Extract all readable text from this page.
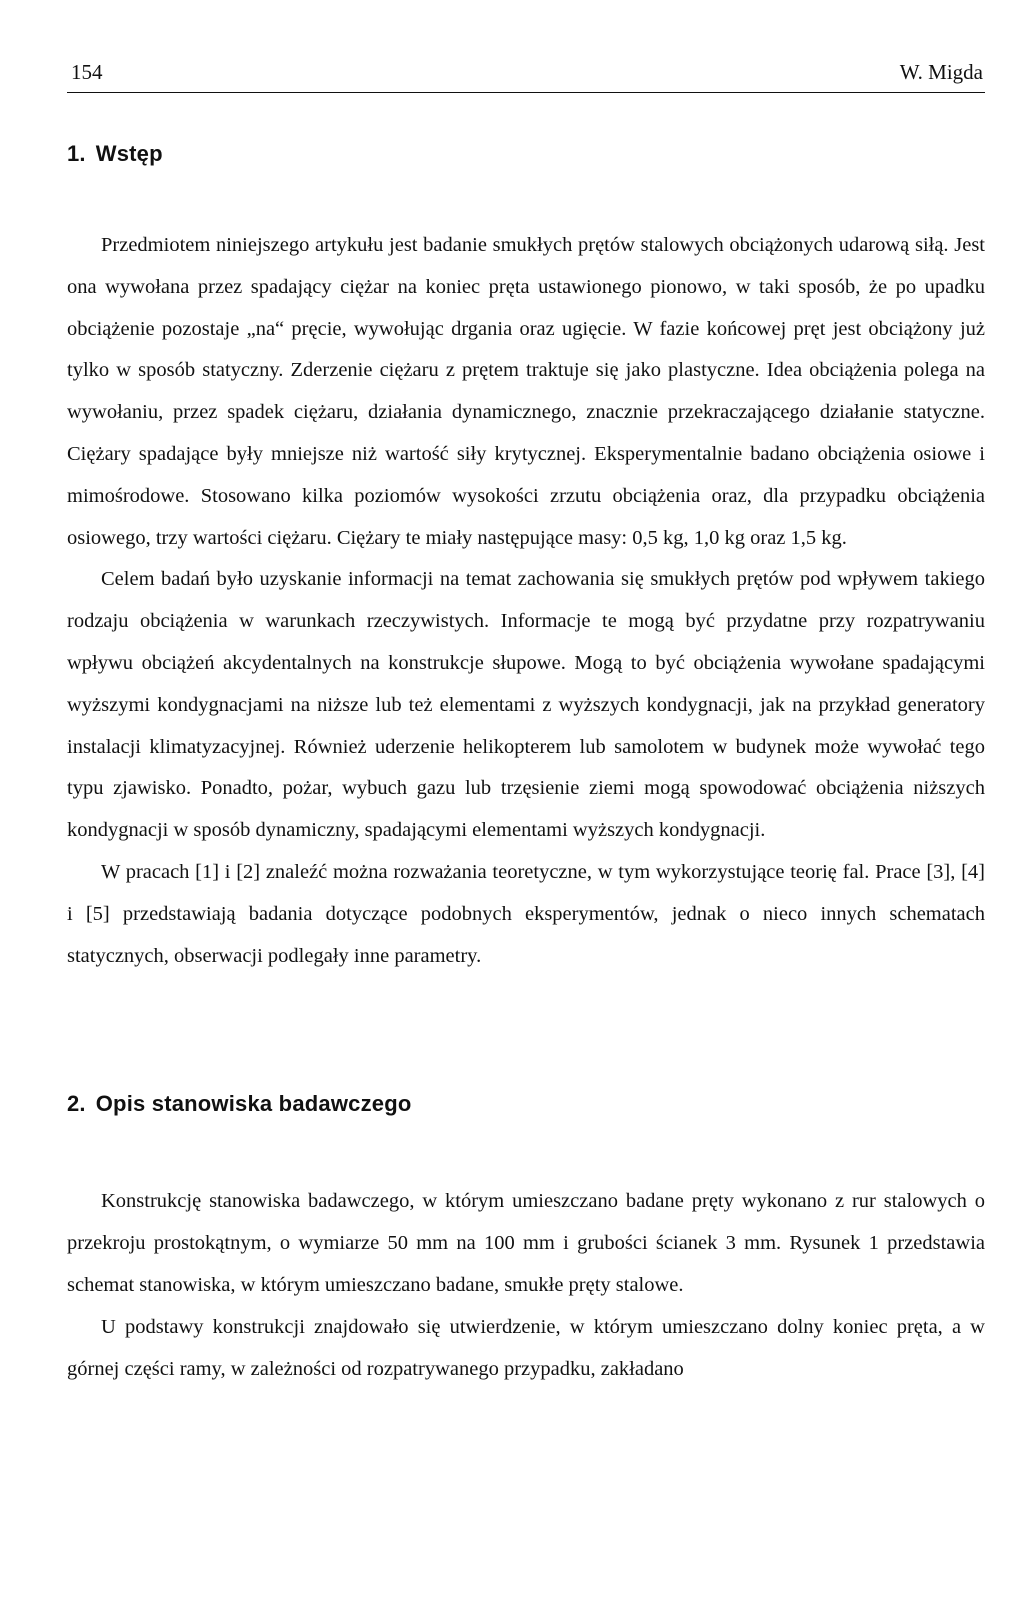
154	W. Migda
1. Wstęp

Przedmiotem niniejszego artykułu jest badanie smukłych prętów stalowych obciążonych udarową siłą. Jest ona wywołana przez spadający ciężar na koniec pręta ustawionego pionowo, w taki sposób, że po upadku obciążenie pozostaje „na“ pręcie, wywołując drgania oraz ugięcie. W fazie końcowej pręt jest obciążony już tylko w sposób statyczny. Zderzenie ciężaru z prętem traktuje się jako plastyczne. Idea obciążenia polega na wywołaniu, przez spadek ciężaru, działania dynamicznego, znacznie przekraczającego działanie statyczne. Ciężary spadające były mniejsze niż wartość siły krytycznej. Eksperymentalnie badano obciążenia osiowe i mimośrodowe. Stosowano kilka poziomów wysokości zrzutu obciążenia oraz, dla przypadku obciążenia osiowego, trzy wartości ciężaru. Ciężary te miały następujące masy: 0,5 kg, 1,0 kg oraz 1,5 kg.

Celem badań było uzyskanie informacji na temat zachowania się smukłych prętów pod wpływem takiego rodzaju obciążenia w warunkach rzeczywistych. Informacje te mogą być przydatne przy rozpatrywaniu wpływu obciążeń akcydentalnych na konstrukcje słupowe. Mogą to być obciążenia wywołane spadającymi wyższymi kondygnacjami na niższe lub też elementami z wyższych kondygnacji, jak na przykład generatory instalacji klimatyzacyjnej. Również uderzenie helikopterem lub samolotem w budynek może wywołać tego typu zjawisko. Ponadto, pożar, wybuch gazu lub trzęsienie ziemi mogą spowodować obciążenia niższych kondygnacji w sposób dynamiczny, spadającymi elementami wyższych kondygnacji.

W pracach [1] i [2] znaleźć można rozważania teoretyczne, w tym wykorzystujące teorię fal. Prace [3], [4] i [5] przedstawiają badania dotyczące podobnych eksperymentów, jednak o nieco innych schematach statycznych, obserwacji podlegały inne parametry.

2. Opis stanowiska badawczego

Konstrukcję stanowiska badawczego, w którym umieszczano badane pręty wykonano z rur stalowych o przekroju prostokątnym, o wymiarze 50 mm na 100 mm i grubości ścianek 3 mm. Rysunek 1 przedstawia schemat stanowiska, w którym umieszczano badane, smukłe pręty stalowe.

U podstawy konstrukcji znajdowało się utwierdzenie, w którym umieszczano dolny koniec pręta, a w górnej części ramy, w zależności od rozpatrywanego przypadku, zakładano
